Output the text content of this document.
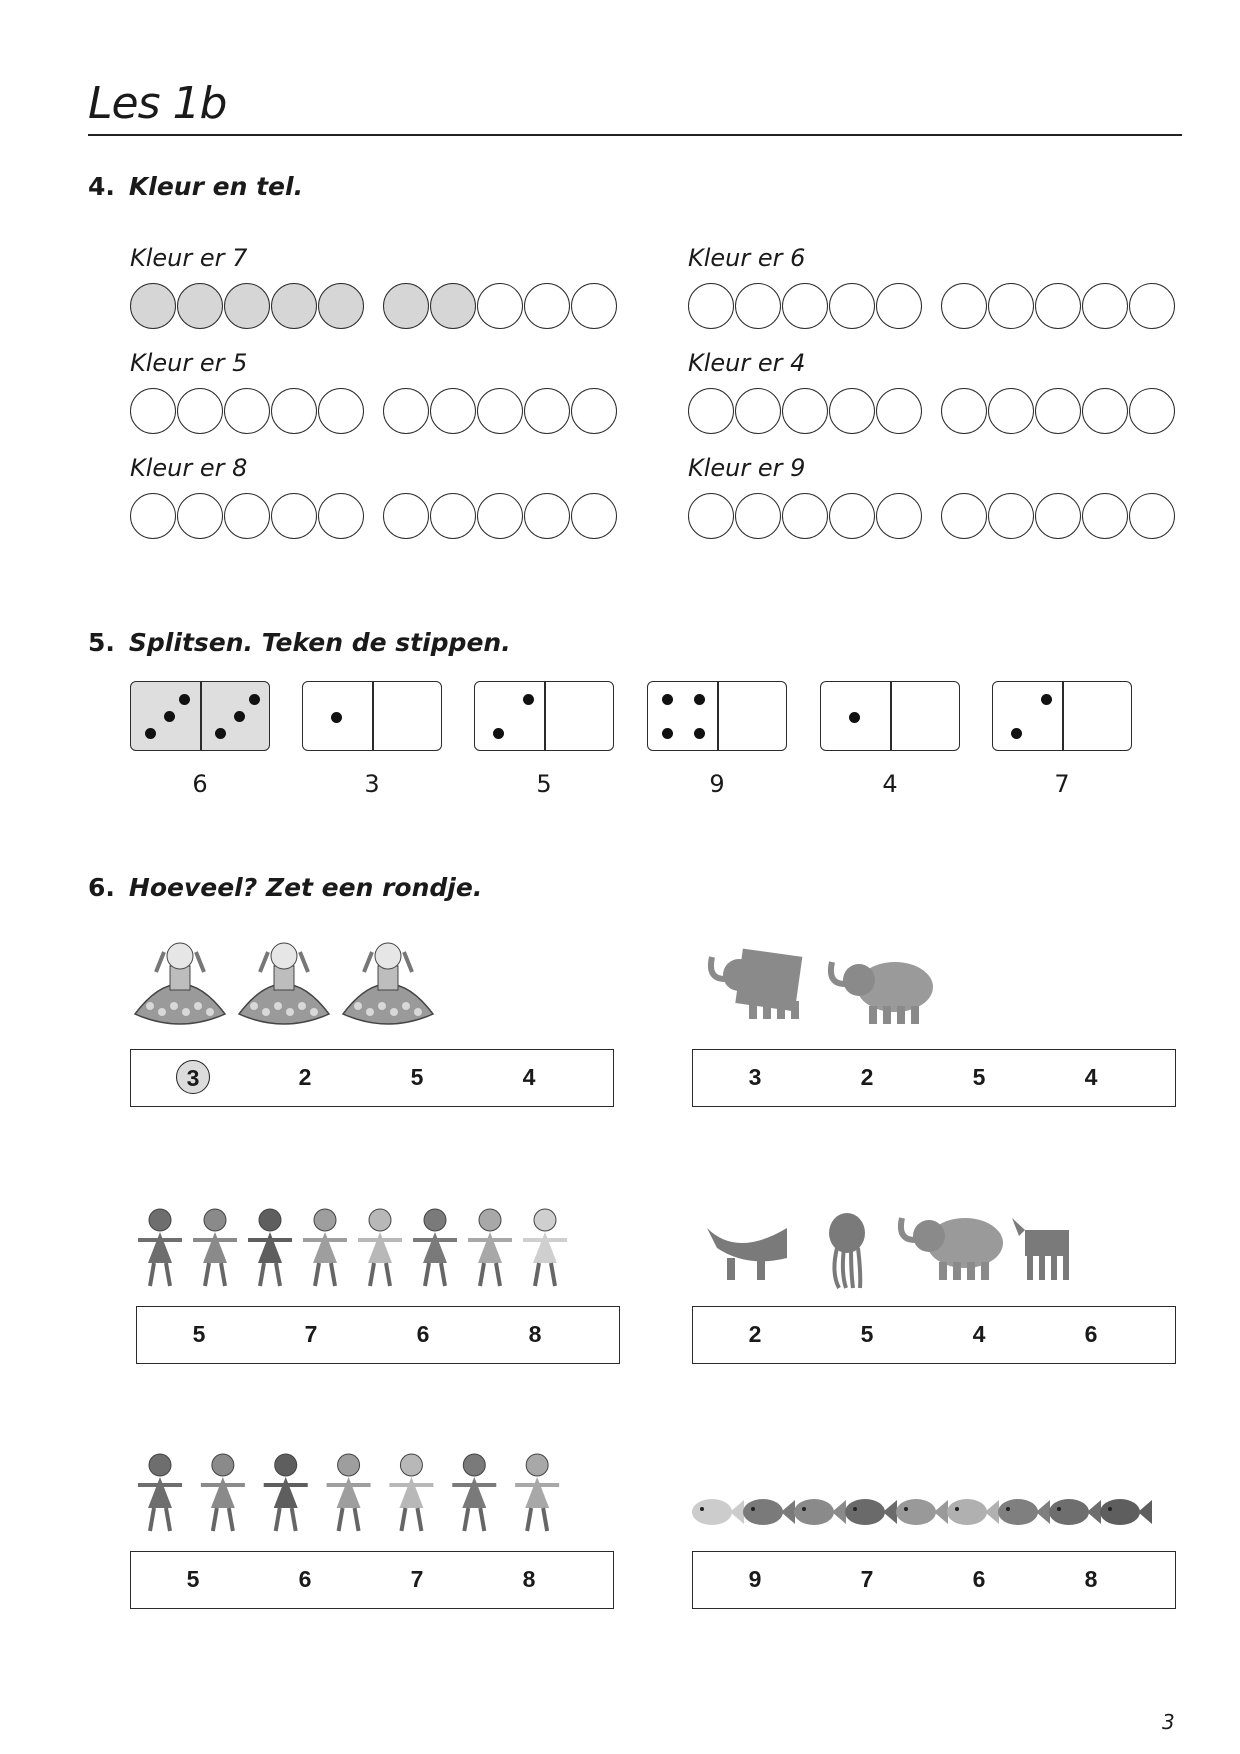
Les 1b
4. Kleur en tel.
Kleur er 7	Kleur er 6
Kleur er 5	Kleur er 4
Kleur er 8	Kleur er 9
5. Splitsen. Teken de stippen.
6	3	5	9	4	7
6. Hoeveel? Zet een rondje.
3	2	5	4	3	2	5	4
5	7	6	8	2	5	4	6
5	6	7	8	9	7	6	8
3
